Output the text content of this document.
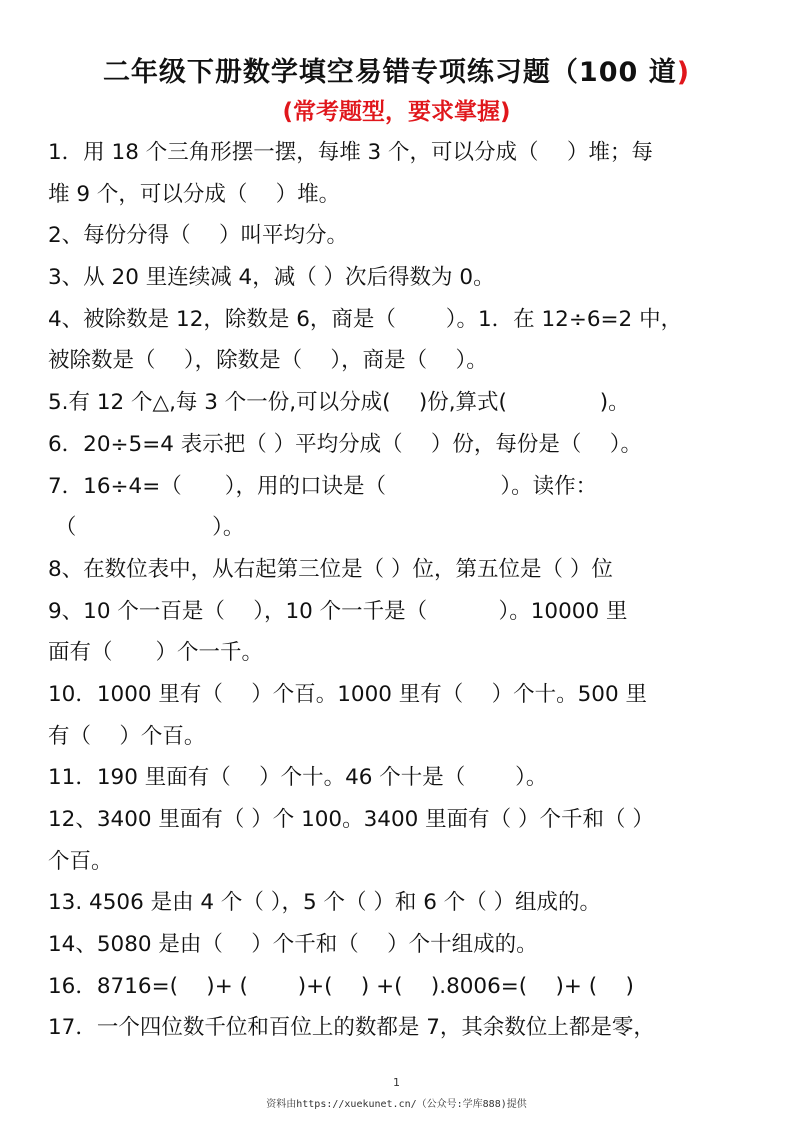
二年级下册数学填空易错专项练习题（100 道)
(常考题型，要求掌握)
1．用 18 个三角形摆一摆，每堆 3 个，可以分成（　 ）堆；每
堆 9 个，可以分成（　 ）堆。
2、每份分得（　 ）叫平均分。
3、从 20 里连续减 4，减（ ）次后得数为 0。
4、被除数是 12，除数是 6，商是（　　 ）。1．在 12÷6=2 中，
被除数是（　 ），除数是（　 ），商是（　 ）。
5.有 12 个△,每 3 个一份,可以分成(　 )份,算式(　　　　 )。
6．20÷5=4 表示把（ ）平均分成（　 ）份，每份是（　 ）。
7．16÷4=（　　），用的口诀是（　　　　　 ）。读作：
（　　　　　　 ）。
8、在数位表中，从右起第三位是（ ）位，第五位是（ ）位
9、10 个一百是（　 ），10 个一千是（　　　 ）。10000 里
面有（　　）个一千。
10．1000 里有（　 ）个百。1000 里有（　 ）个十。500 里
有（　 ）个百。
11．190 里面有（　 ）个十。46 个十是（　　 ）。
12、3400 里面有（ ）个 100。3400 里面有（ ）个千和（ ）
个百。
13. 4506 是由 4 个（ ），5 个（ ）和 6 个（ ）组成的。
14、5080 是由（　 ）个千和（　 ）个十组成的。
16．8716=(　 )+ (　　 )+(　 ) +(　 ).8006=(　 )+ (　 )
17．一个四位数千位和百位上的数都是 7，其余数位上都是零，
1
资料由https://xuekunet.cn/（公众号:学库888)提供
